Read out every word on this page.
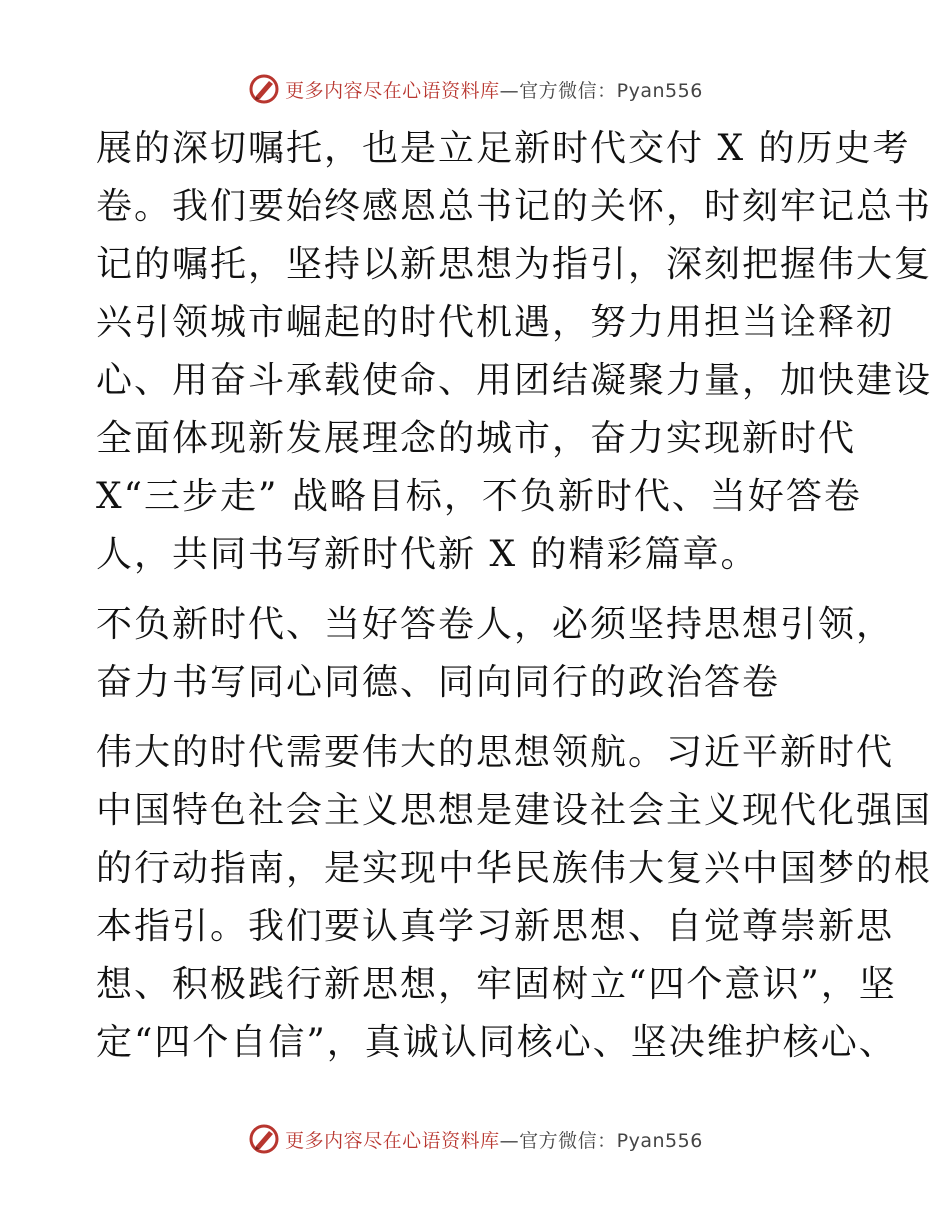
更多内容尽在心语资料库—官方微信：Pyan556
展的深切嘱托，也是立足新时代交付 X 的历史考
卷。我们要始终感恩总书记的关怀，时刻牢记总书
记的嘱托，坚持以新思想为指引，深刻把握伟大复
兴引领城市崛起的时代机遇，努力用担当诠释初
心、用奋斗承载使命、用团结凝聚力量，加快建设
全面体现新发展理念的城市，奋力实现新时代
X“三步走” 战略目标，不负新时代、当好答卷
人，共同书写新时代新 X 的精彩篇章。
不负新时代、当好答卷人，必须坚持思想引领，
奋力书写同心同德、同向同行的政治答卷
伟大的时代需要伟大的思想领航。习近平新时代
中国特色社会主义思想是建设社会主义现代化强国
的行动指南，是实现中华民族伟大复兴中国梦的根
本指引。我们要认真学习新思想、自觉尊崇新思
想、积极践行新思想，牢固树立“四个意识”，坚
定“四个自信”，真诚认同核心、坚决维护核心、
更多内容尽在心语资料库—官方微信：Pyan556
